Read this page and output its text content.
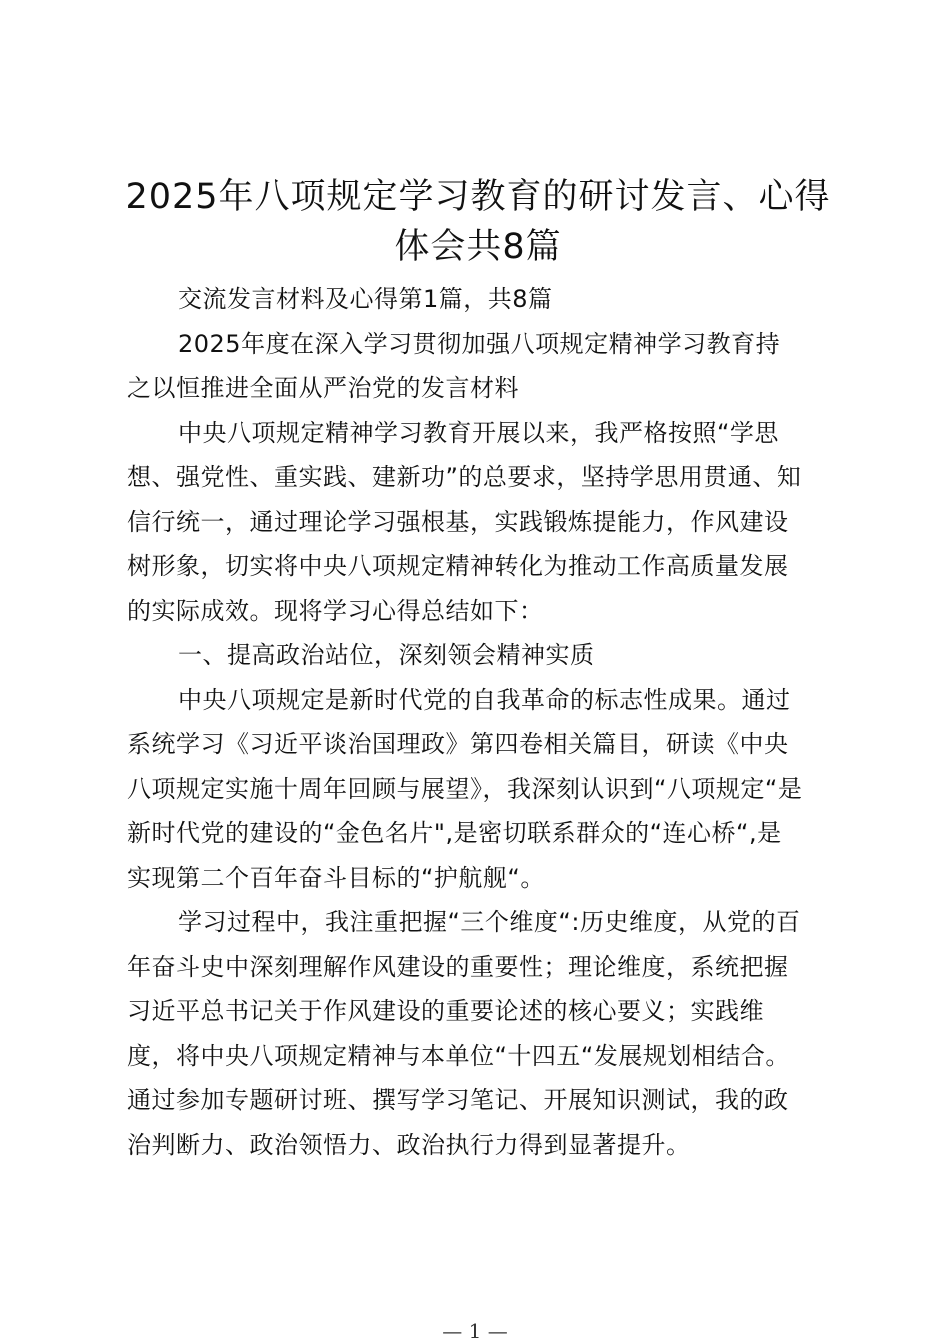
2025年八项规定学习教育的研讨发言、心得
体会共8篇

交流发言材料及心得第1篇，共8篇

2025年度在深入学习贯彻加强八项规定精神学习教育持
之以恒推进全面从严治党的发言材料

中央八项规定精神学习教育开展以来，我严格按照“学思
想、强党性、重实践、建新功”的总要求，坚持学思用贯通、知
信行统一，通过理论学习强根基，实践锻炼提能力，作风建设
树形象，切实将中央八项规定精神转化为推动工作高质量发展
的实际成效。现将学习心得总结如下：

一、提高政治站位，深刻领会精神实质

中央八项规定是新时代党的自我革命的标志性成果。通过
系统学习《习近平谈治国理政》第四卷相关篇目，研读《中央
八项规定实施十周年回顾与展望》，我深刻认识到“八项规定“是
新时代党的建设的“金色名片",是密切联系群众的“连心桥“,是
实现第二个百年奋斗目标的“护航舰“。

学习过程中，我注重把握“三个维度“:历史维度，从党的百
年奋斗史中深刻理解作风建设的重要性；理论维度，系统把握
习近平总书记关于作风建设的重要论述的核心要义；实践维
度，将中央八项规定精神与本单位“十四五“发展规划相结合。
通过参加专题研讨班、撰写学习笔记、开展知识测试，我的政
治判断力、政治领悟力、政治执行力得到显著提升。

— 1 —
